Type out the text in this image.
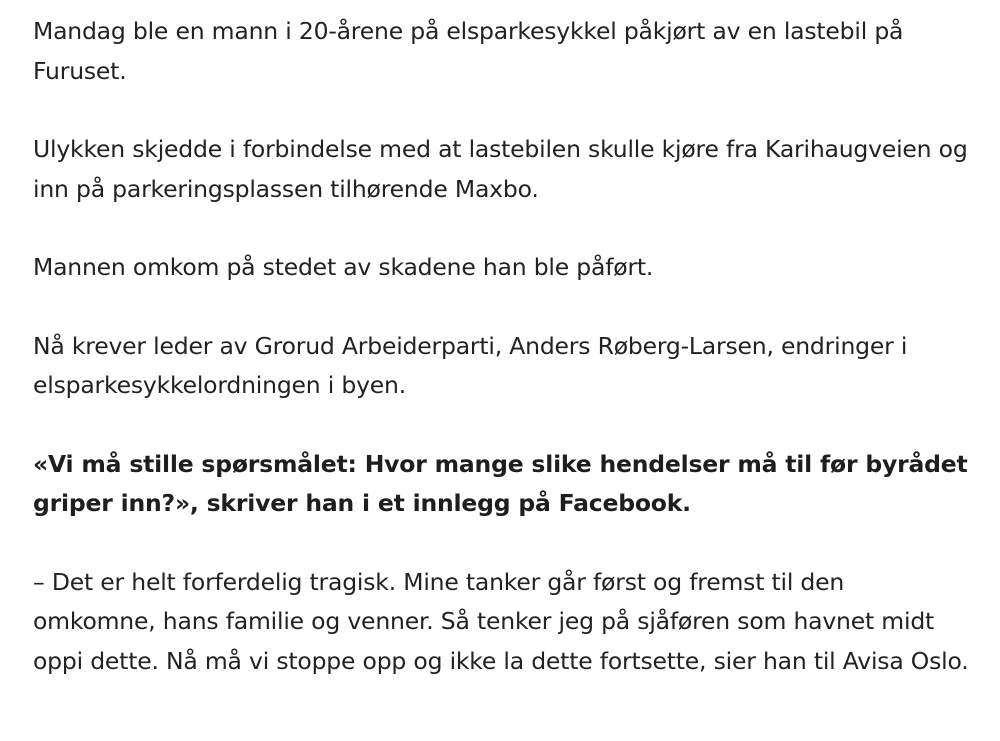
Mandag ble en mann i 20-årene på elsparkesykkel påkjørt av en lastebil på Furuset.

Ulykken skjedde i forbindelse med at lastebilen skulle kjøre fra Karihaugveien og inn på parkeringsplassen tilhørende Maxbo.

Mannen omkom på stedet av skadene han ble påført.

Nå krever leder av Grorud Arbeiderparti, Anders Røberg-Larsen, endringer i elsparkesykkelordningen i byen.

«Vi må stille spørsmålet: Hvor mange slike hendelser må til før byrådet griper inn?», skriver han i et innlegg på Facebook.

– Det er helt forferdelig tragisk. Mine tanker går først og fremst til den omkomne, hans familie og venner. Så tenker jeg på sjåføren som havnet midt oppi dette. Nå må vi stoppe opp og ikke la dette fortsette, sier han til Avisa Oslo.
